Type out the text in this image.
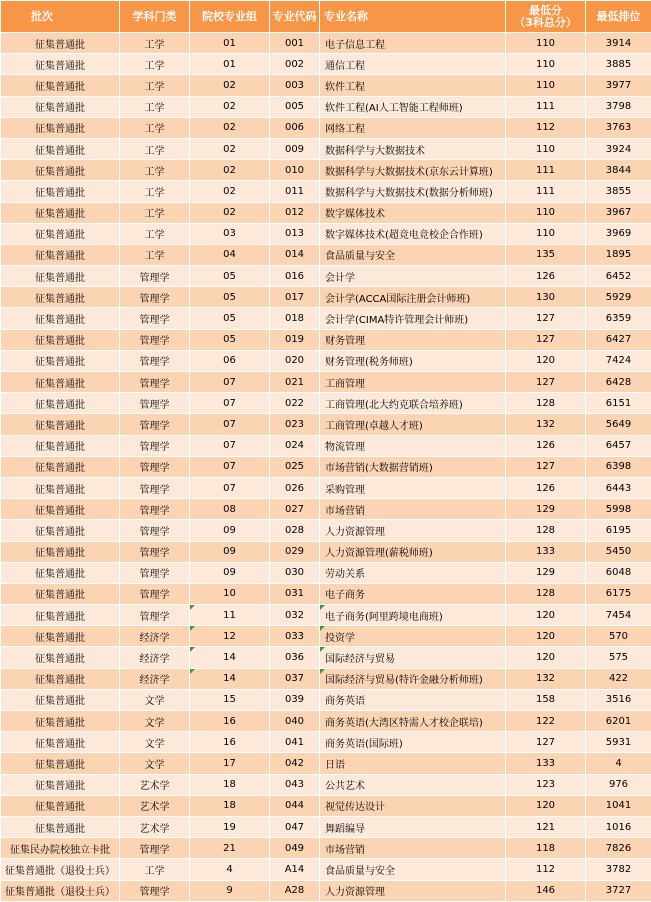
批次	学科门类	院校专业组	专业代码	专业名称	最低分
（3科总分）	最低排位
征集普通批	工学	01	001	电子信息工程	110	3914
征集普通批	工学	01	002	通信工程	110	3885
征集普通批	工学	02	003	软件工程	110	3977
征集普通批	工学	02	005	软件工程(AI人工智能工程师班)	111	3798
征集普通批	工学	02	006	网络工程	112	3763
征集普通批	工学	02	009	数据科学与大数据技术	110	3924
征集普通批	工学	02	010	数据科学与大数据技术(京东云计算班)	111	3844
征集普通批	工学	02	011	数据科学与大数据技术(数据分析师班)	111	3855
征集普通批	工学	02	012	数字媒体技术	110	3967
征集普通批	工学	03	013	数字媒体技术(超竞电竞校企合作班)	110	3969
征集普通批	工学	04	014	食品质量与安全	135	1895
征集普通批	管理学	05	016	会计学	126	6452
征集普通批	管理学	05	017	会计学(ACCA国际注册会计师班)	130	5929
征集普通批	管理学	05	018	会计学(CIMA特许管理会计师班)	127	6359
征集普通批	管理学	05	019	财务管理	127	6427
征集普通批	管理学	06	020	财务管理(税务师班)	120	7424
征集普通批	管理学	07	021	工商管理	127	6428
征集普通批	管理学	07	022	工商管理(北大约克联合培养班)	128	6151
征集普通批	管理学	07	023	工商管理(卓越人才班)	132	5649
征集普通批	管理学	07	024	物流管理	126	6457
征集普通批	管理学	07	025	市场营销(大数据营销班)	127	6398
征集普通批	管理学	07	026	采购管理	126	6443
征集普通批	管理学	08	027	市场营销	129	5998
征集普通批	管理学	09	028	人力资源管理	128	6195
征集普通批	管理学	09	029	人力资源管理(薪税师班)	133	5450
征集普通批	管理学	09	030	劳动关系	129	6048
征集普通批	管理学	10	031	电子商务	128	6175
征集普通批	管理学	11	032	电子商务(阿里跨境电商班)	120	7454
征集普通批	经济学	12	033	投资学	120	570
征集普通批	经济学	14	036	国际经济与贸易	120	575
征集普通批	经济学	14	037	国际经济与贸易(特许金融分析师班)	132	422
征集普通批	文学	15	039	商务英语	158	3516
征集普通批	文学	16	040	商务英语(大湾区特需人才校企联培)	122	6201
征集普通批	文学	16	041	商务英语(国际班)	127	5931
征集普通批	文学	17	042	日语	133	4
征集普通批	艺术学	18	043	公共艺术	123	976
征集普通批	艺术学	18	044	视觉传达设计	120	1041
征集普通批	艺术学	19	047	舞蹈编导	121	1016
征集民办院校独立卡批	管理学	21	049	市场营销	118	7826
征集普通批（退役士兵）	工学	4	A14	食品质量与安全	112	3782
征集普通批（退役士兵）	管理学	9	A28	人力资源管理	146	3727
